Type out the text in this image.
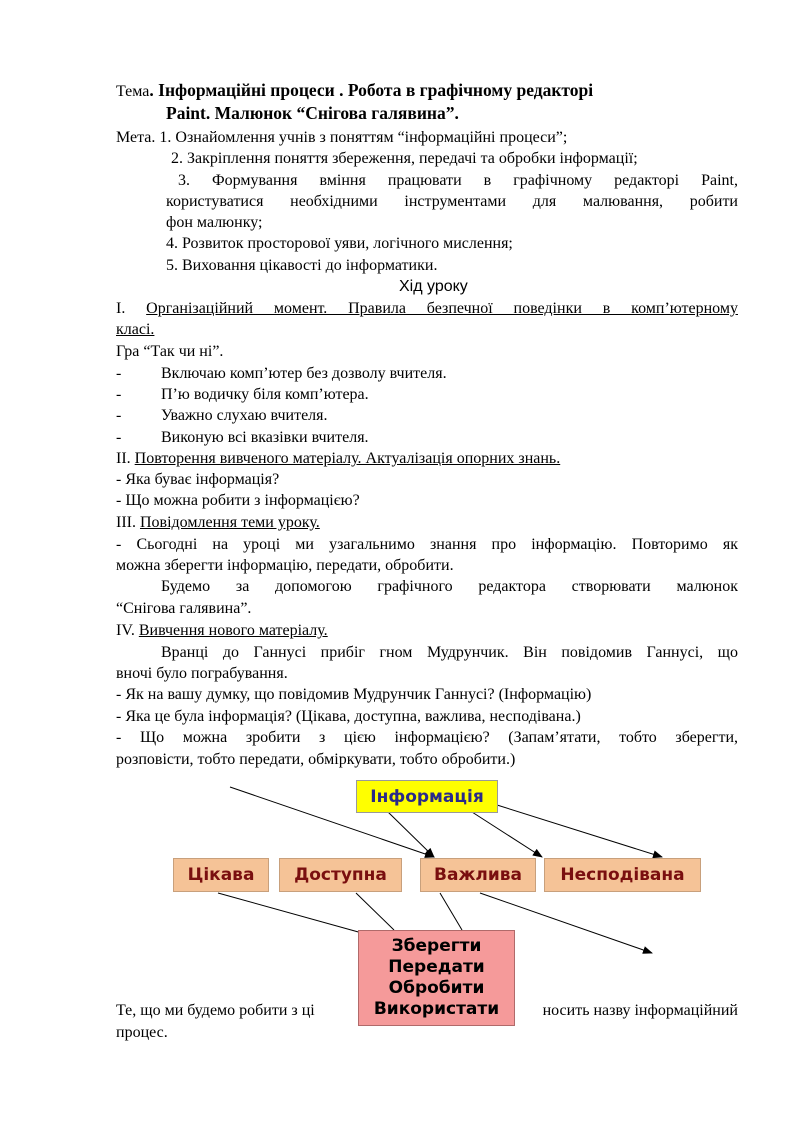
Тема. Інформаційні процеси . Робота в графічному редакторі
Paint. Малюнок “Снігова галявина”.
Мета. 1. Ознайомлення учнів з поняттям “інформаційні процеси”;
2. Закріплення поняття збереження, передачі та обробки інформації;
3. Формування вміння працювати в графічному редакторі Paint,
користуватися необхідними інструментами для малювання, робити
фон малюнку;
4. Розвиток просторової уяви, логічного мислення;
5. Виховання цікавості до інформатики.
Хід уроку
I. Організаційний момент. Правила безпечної поведінки в комп’ютерному
класі.
Гра “Так чи ні”.
- Включаю комп’ютер без дозволу вчителя.
- П’ю водичку біля комп’ютера.
- Уважно слухаю вчителя.
- Виконую всі вказівки вчителя.
II. Повторення вивченого матеріалу. Актуалізація опорних знань.
- Яка буває інформація?
- Що можна робити з інформацією?
III. Повідомлення теми уроку.
- Сьогодні на уроці ми узагальнимо знання про інформацію. Повторимо як
можна зберегти інформацію, передати, обробити.
Будемо за допомогою графічного редактора створювати малюнок
“Снігова галявина”.
IV. Вивчення нового матеріалу.
Вранці до Ганнусі прибіг гном Мудрунчик. Він повідомив Ганнусі, що
вночі було пограбування.
- Як на вашу думку, що повідомив Мудрунчик Ганнусі? (Інформацію)
- Яка це була інформація? (Цікава, доступна, важлива, несподівана.)
- Що можна зробити з цією інформацією? (Запам’ятати, тобто зберегти,
розповісти, тобто передати, обміркувати, тобто обробити.)
Те, що ми будемо робити з ці	носить назву інформаційний
процес.
Інформація
Цікава	Доступна	Важлива	Несподівана
Зберегти
Передати
Обробити
Використати
